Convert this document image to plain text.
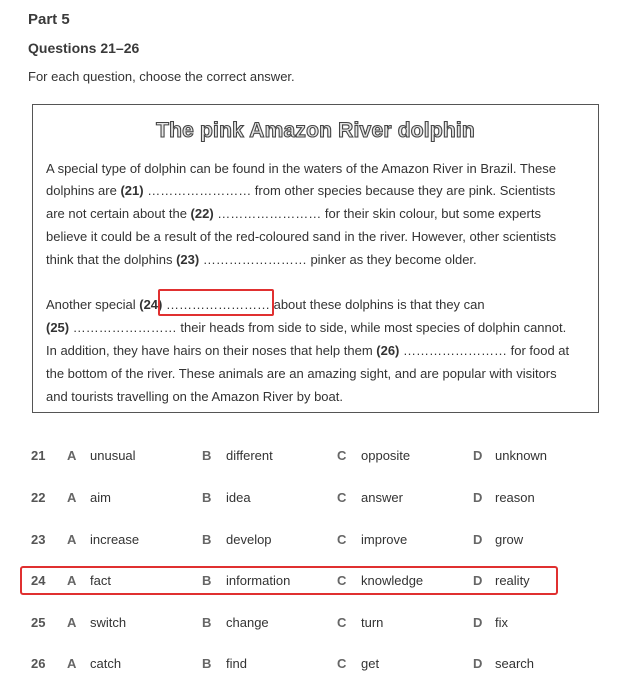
Part 5
Questions 21–26
For each question, choose the correct answer.
The pink Amazon River dolphin
A special type of dolphin can be found in the waters of the Amazon River in Brazil. These
dolphins are (21) …………………… from other species because they are pink. Scientists
are not certain about the (22) …………………… for their skin colour, but some experts
believe it could be a result of the red-coloured sand in the river. However, other scientists
think that the dolphins (23) …………………… pinker as they become older.
Another special (24) …………………… about these dolphins is that they can
(25) …………………… their heads from side to side, while most species of dolphin cannot.
In addition, they have hairs on their noses that help them (26) …………………… for food at
the bottom of the river. These animals are an amazing sight, and are popular with visitors
and tourists travelling on the Amazon River by boat.
21 A unusual	B different	C opposite	D unknown
22 A aim	B idea	C answer	D reason
23 A increase	B develop	C improve	D grow
24 A fact	B information	C knowledge	D reality
25 A switch	B change	C turn	D fix
26 A catch	B find	C get	D search
